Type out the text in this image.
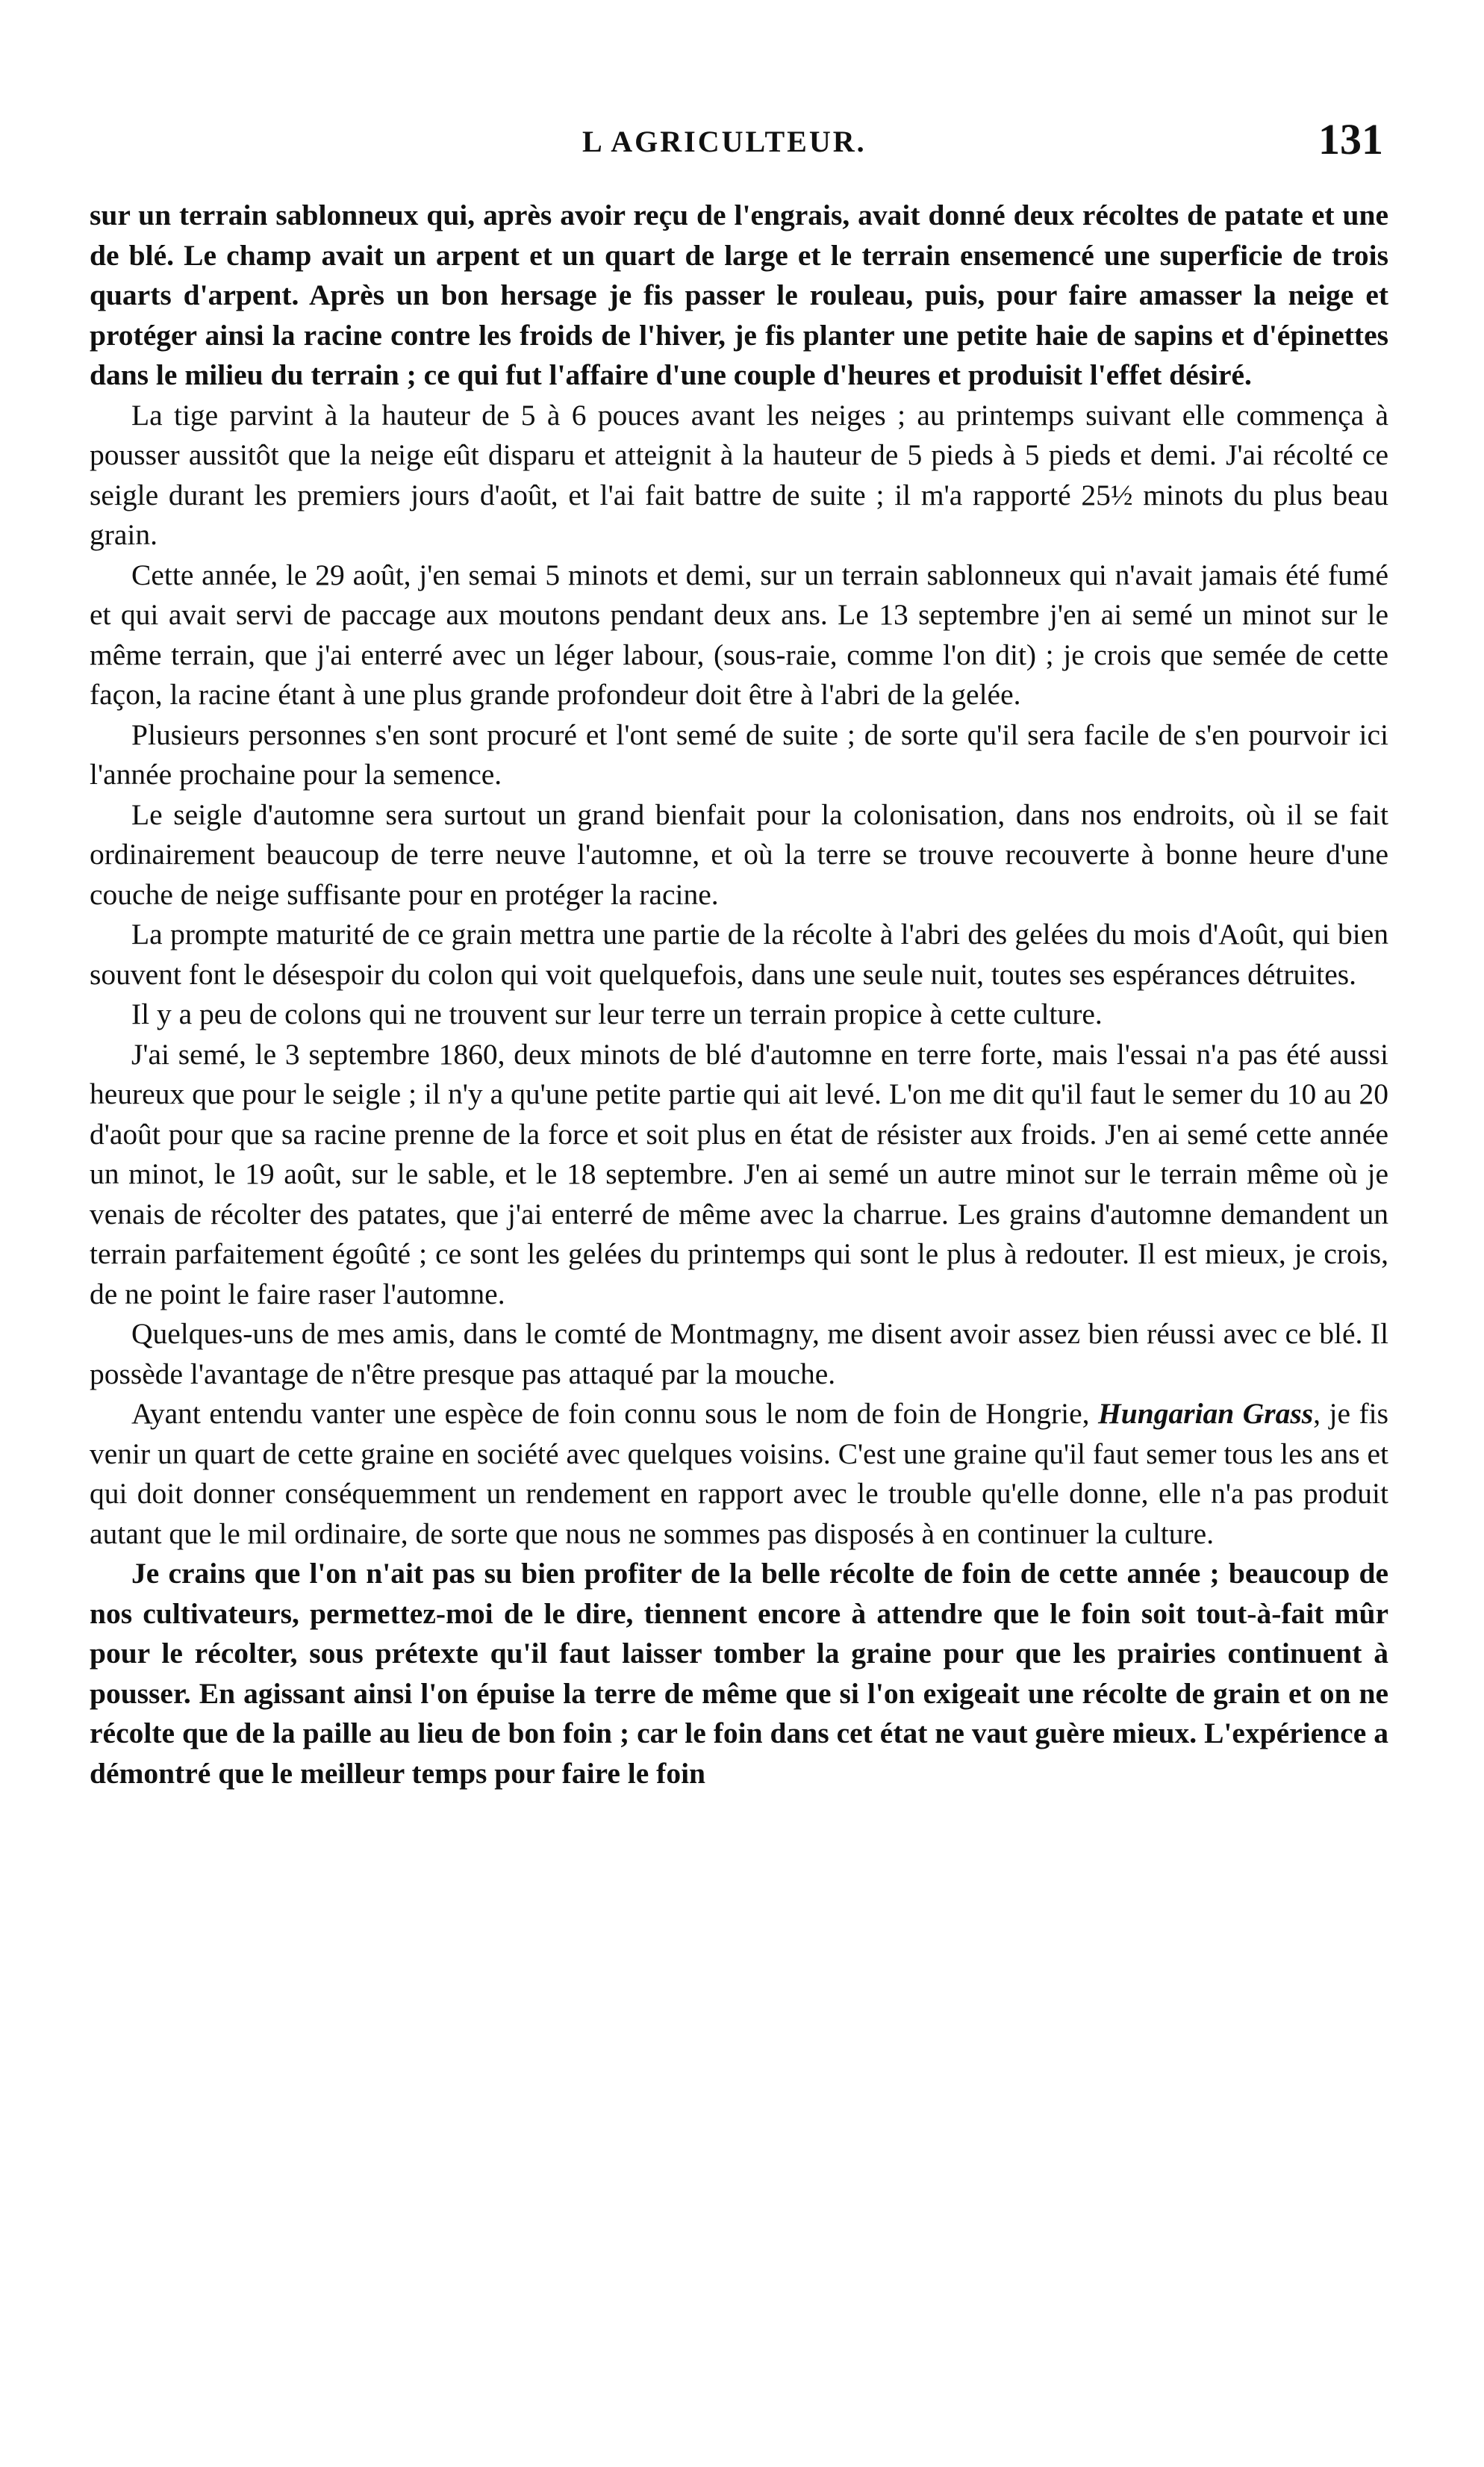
L AGRICULTEUR.	131

sur un terrain sablonneux qui, après avoir reçu de l'engrais, avait donné deux récoltes de patate et une de blé. Le champ avait un arpent et un quart de large et le terrain ensemencé une superficie de trois quarts d'arpent. Après un bon hersage je fis passer le rouleau, puis, pour faire amasser la neige et protéger ainsi la racine contre les froids de l'hiver, je fis planter une petite haie de sapins et d'épinettes dans le milieu du terrain ; ce qui fut l'affaire d'une couple d'heures et produisit l'effet désiré.

La tige parvint à la hauteur de 5 à 6 pouces avant les neiges ; au printemps suivant elle commença à pousser aussitôt que la neige eût disparu et atteignit à la hauteur de 5 pieds à 5 pieds et demi. J'ai récolté ce seigle durant les premiers jours d'août, et l'ai fait battre de suite ; il m'a rapporté 25½ minots du plus beau grain.

Cette année, le 29 août, j'en semai 5 minots et demi, sur un terrain sablonneux qui n'avait jamais été fumé et qui avait servi de paccage aux moutons pendant deux ans. Le 13 septembre j'en ai semé un minot sur le même terrain, que j'ai enterré avec un léger labour, (sous-raie, comme l'on dit) ; je crois que semée de cette façon, la racine étant à une plus grande profondeur doit être à l'abri de la gelée.

Plusieurs personnes s'en sont procuré et l'ont semé de suite ; de sorte qu'il sera facile de s'en pourvoir ici l'année prochaine pour la semence.

Le seigle d'automne sera surtout un grand bienfait pour la colonisation, dans nos endroits, où il se fait ordinairement beaucoup de terre neuve l'automne, et où la terre se trouve recouverte à bonne heure d'une couche de neige suffisante pour en protéger la racine.

La prompte maturité de ce grain mettra une partie de la récolte à l'abri des gelées du mois d'Août, qui bien souvent font le désespoir du colon qui voit quelquefois, dans une seule nuit, toutes ses espérances détruites.

Il y a peu de colons qui ne trouvent sur leur terre un terrain propice à cette culture.

J'ai semé, le 3 septembre 1860, deux minots de blé d'automne en terre forte, mais l'essai n'a pas été aussi heureux que pour le seigle ; il n'y a qu'une petite partie qui ait levé. L'on me dit qu'il faut le semer du 10 au 20 d'août pour que sa racine prenne de la force et soit plus en état de résister aux froids. J'en ai semé cette année un minot, le 19 août, sur le sable, et le 18 septembre. J'en ai semé un autre minot sur le terrain même où je venais de récolter des patates, que j'ai enterré de même avec la charrue. Les grains d'automne demandent un terrain parfaitement égoûté ; ce sont les gelées du printemps qui sont le plus à redouter. Il est mieux, je crois, de ne point le faire raser l'automne.

Quelques-uns de mes amis, dans le comté de Montmagny, me disent avoir assez bien réussi avec ce blé. Il possède l'avantage de n'être presque pas attaqué par la mouche.

Ayant entendu vanter une espèce de foin connu sous le nom de foin de Hongrie, Hungarian Grass, je fis venir un quart de cette graine en société avec quelques voisins. C'est une graine qu'il faut semer tous les ans et qui doit donner conséquemment un rendement en rapport avec le trouble qu'elle donne, elle n'a pas produit autant que le mil ordinaire, de sorte que nous ne sommes pas disposés à en continuer la culture.

Je crains que l'on n'ait pas su bien profiter de la belle récolte de foin de cette année ; beaucoup de nos cultivateurs, permettez-moi de le dire, tiennent encore à attendre que le foin soit tout-à-fait mûr pour le récolter, sous prétexte qu'il faut laisser tomber la graine pour que les prairies continuent à pousser. En agissant ainsi l'on épuise la terre de même que si l'on exigeait une récolte de grain et on ne récolte que de la paille au lieu de bon foin ; car le foin dans cet état ne vaut guère mieux. L'expérience a démontré que le meilleur temps pour faire le foin
